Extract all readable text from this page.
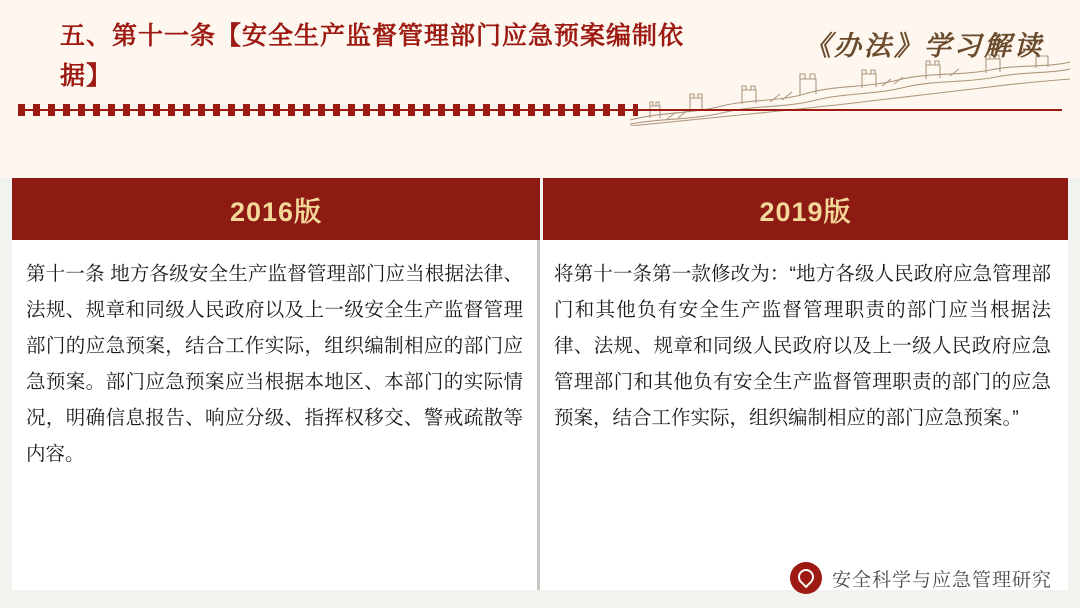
五、第十一条【安全生产监督管理部门应急预案编制依据】
《办法》学习解读
2016版	2019版
第十一条 地方各级安全生产监督管理部门应当根据法律、法规、规章和同级人民政府以及上一级安全生产监督管理部门的应急预案，结合工作实际，组织编制相应的部门应急预案。部门应急预案应当根据本地区、本部门的实际情况，明确信息报告、响应分级、指挥权移交、警戒疏散等内容。
将第十一条第一款修改为：“地方各级人民政府应急管理部门和其他负有安全生产监督管理职责的部门应当根据法律、法规、规章和同级人民政府以及上一级人民政府应急管理部门和其他负有安全生产监督管理职责的部门的应急预案，结合工作实际，组织编制相应的部门应急预案。”
安全科学与应急管理研究
